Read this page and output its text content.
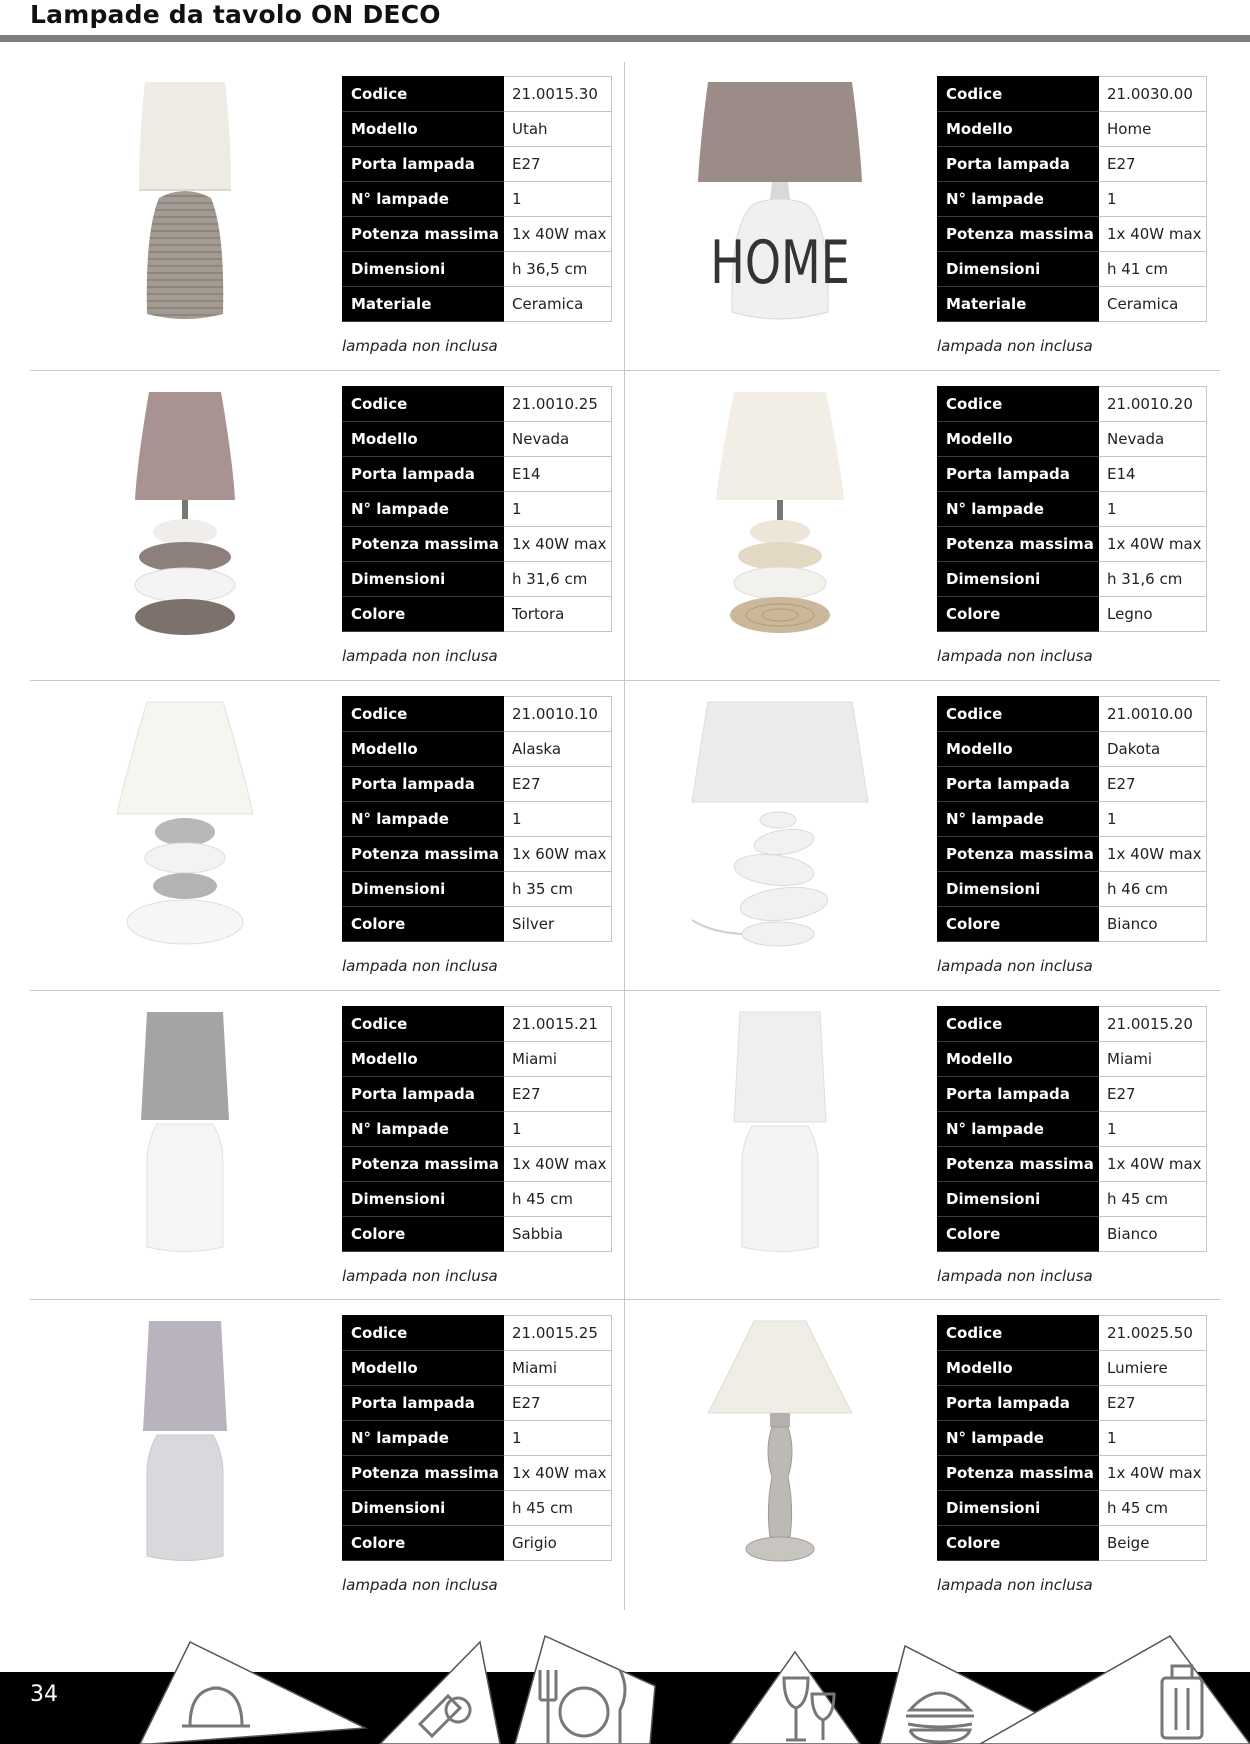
Lampade da tavolo ON DECO
Codice	21.0015.30
Modello	Utah
Porta lampada	E27
N° lampade	1
Potenza massima	1x 40W max
Dimensioni	h 36,5 cm
Materiale	Ceramica
lampada non inclusa
HOME
Codice	21.0030.00
Modello	Home
Porta lampada	E27
N° lampade	1
Potenza massima	1x 40W max
Dimensioni	h 41 cm
Materiale	Ceramica
lampada non inclusa
Codice	21.0010.25
Modello	Nevada
Porta lampada	E14
N° lampade	1
Potenza massima	1x 40W max
Dimensioni	h 31,6 cm
Colore	Tortora
lampada non inclusa
Codice	21.0010.20
Modello	Nevada
Porta lampada	E14
N° lampade	1
Potenza massima	1x 40W max
Dimensioni	h 31,6 cm
Colore	Legno
lampada non inclusa
Codice	21.0010.10
Modello	Alaska
Porta lampada	E27
N° lampade	1
Potenza massima	1x 60W max
Dimensioni	h 35 cm
Colore	Silver
lampada non inclusa
Codice	21.0010.00
Modello	Dakota
Porta lampada	E27
N° lampade	1
Potenza massima	1x 40W max
Dimensioni	h 46 cm
Colore	Bianco
lampada non inclusa
Codice	21.0015.21
Modello	Miami
Porta lampada	E27
N° lampade	1
Potenza massima	1x 40W max
Dimensioni	h 45 cm
Colore	Sabbia
lampada non inclusa
Codice	21.0015.20
Modello	Miami
Porta lampada	E27
N° lampade	1
Potenza massima	1x 40W max
Dimensioni	h 45 cm
Colore	Bianco
lampada non inclusa
Codice	21.0015.25
Modello	Miami
Porta lampada	E27
N° lampade	1
Potenza massima	1x 40W max
Dimensioni	h 45 cm
Colore	Grigio
lampada non inclusa
Codice	21.0025.50
Modello	Lumiere
Porta lampada	E27
N° lampade	1
Potenza massima	1x 40W max
Dimensioni	h 45 cm
Colore	Beige
lampada non inclusa
34
